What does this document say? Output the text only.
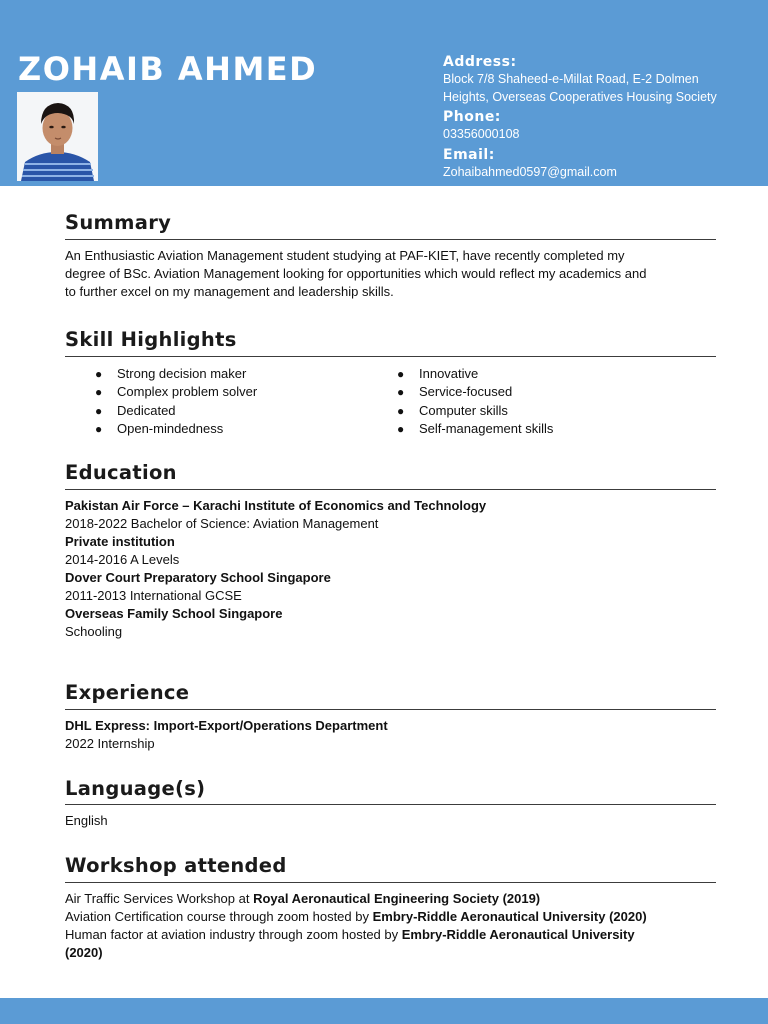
ZOHAIB AHMED	Address:
Block 7/8 Shaheed-e-Millat Road, E-2 Dolmen
Heights, Overseas Cooperatives Housing Society
Phone:
03356000108
Email:
Zohaibahmed0597@gmail.com
Summary
An Enthusiastic Aviation Management student studying at PAF-KIET, have recently completed my
degree of BSc. Aviation Management looking for opportunities which would reflect my academics and
to further excel on my management and leadership skills.
Skill Highlights
● Strong decision maker
● Complex problem solver
● Dedicated
● Open-mindedness
● Innovative
● Service-focused
● Computer skills
● Self-management skills
Education
Pakistan Air Force – Karachi Institute of Economics and Technology
2018-2022 Bachelor of Science: Aviation Management
Private institution
2014-2016 A Levels
Dover Court Preparatory School Singapore
2011-2013 International GCSE
Overseas Family School Singapore
Schooling
Experience
DHL Express: Import-Export/Operations Department
2022 Internship
Language(s)
English
Workshop attended
Air Traffic Services Workshop at Royal Aeronautical Engineering Society (2019)
Aviation Certification course through zoom hosted by Embry-Riddle Aeronautical University (2020)
Human factor at aviation industry through zoom hosted by Embry-Riddle Aeronautical University
(2020)
